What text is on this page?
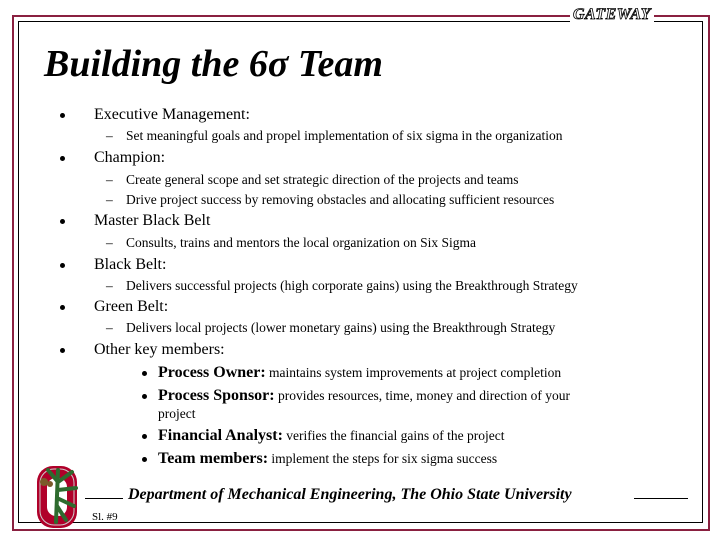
GATEWAY
Building the 6σ Team
Executive Management:
– Set meaningful goals and propel implementation of six sigma in the organization
Champion:
– Create general scope and set strategic direction of the projects and teams
– Drive project success by removing obstacles and allocating sufficient resources
Master Black Belt
– Consults, trains and mentors the local organization on Six Sigma
Black Belt:
– Delivers successful projects (high corporate gains) using the Breakthrough Strategy
Green Belt:
– Delivers local projects (lower monetary gains) using the Breakthrough Strategy
Other key members:
Process Owner: maintains system improvements at project completion
Process Sponsor: provides resources, time, money and direction of your
project
Financial Analyst: verifies the financial gains of the project
Team members: implement the steps for six sigma success
Department of Mechanical Engineering, The Ohio State University
Sl. #9
